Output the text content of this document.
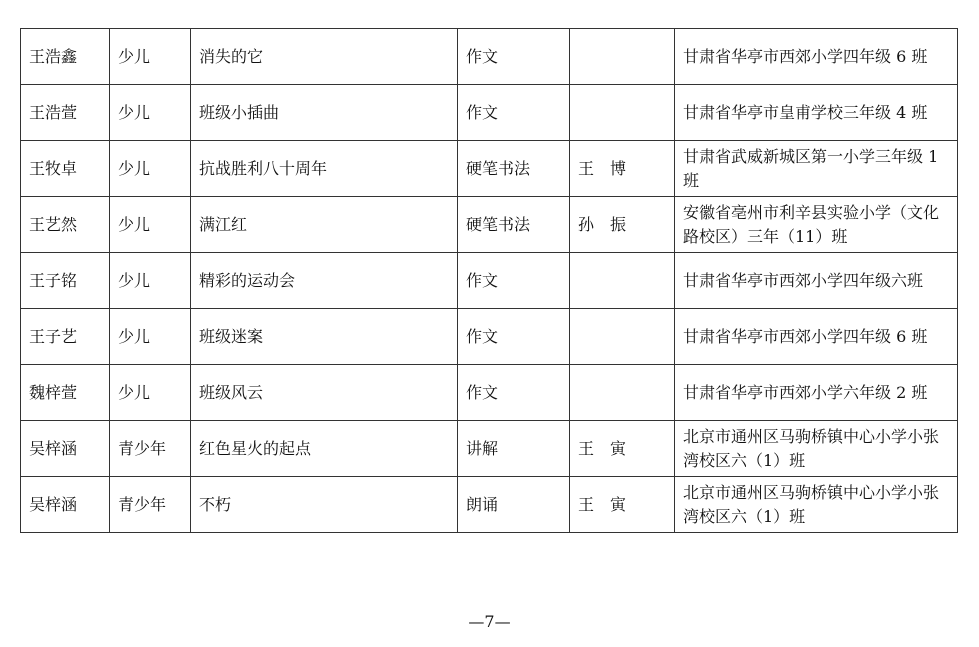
王浩鑫	少儿	消失的它	作文		甘肃省华亭市西郊小学四年级 6 班
王浩萱	少儿	班级小插曲	作文		甘肃省华亭市皇甫学校三年级 4 班
王牧卓	少儿	抗战胜利八十周年	硬笔书法	王　博	甘肃省武威新城区第一小学三年级 1 班
王艺然	少儿	满江红	硬笔书法	孙　振	安徽省亳州市利辛县实验小学（文化路校区）三年（11）班
王子铭	少儿	精彩的运动会	作文		甘肃省华亭市西郊小学四年级六班
王子艺	少儿	班级迷案	作文		甘肃省华亭市西郊小学四年级 6 班
魏梓萱	少儿	班级风云	作文		甘肃省华亭市西郊小学六年级 2 班
吴梓涵	青少年	红色星火的起点	讲解	王　寅	北京市通州区马驹桥镇中心小学小张湾校区六（1）班
吴梓涵	青少年	不朽	朗诵	王　寅	北京市通州区马驹桥镇中心小学小张湾校区六（1）班
—7—
